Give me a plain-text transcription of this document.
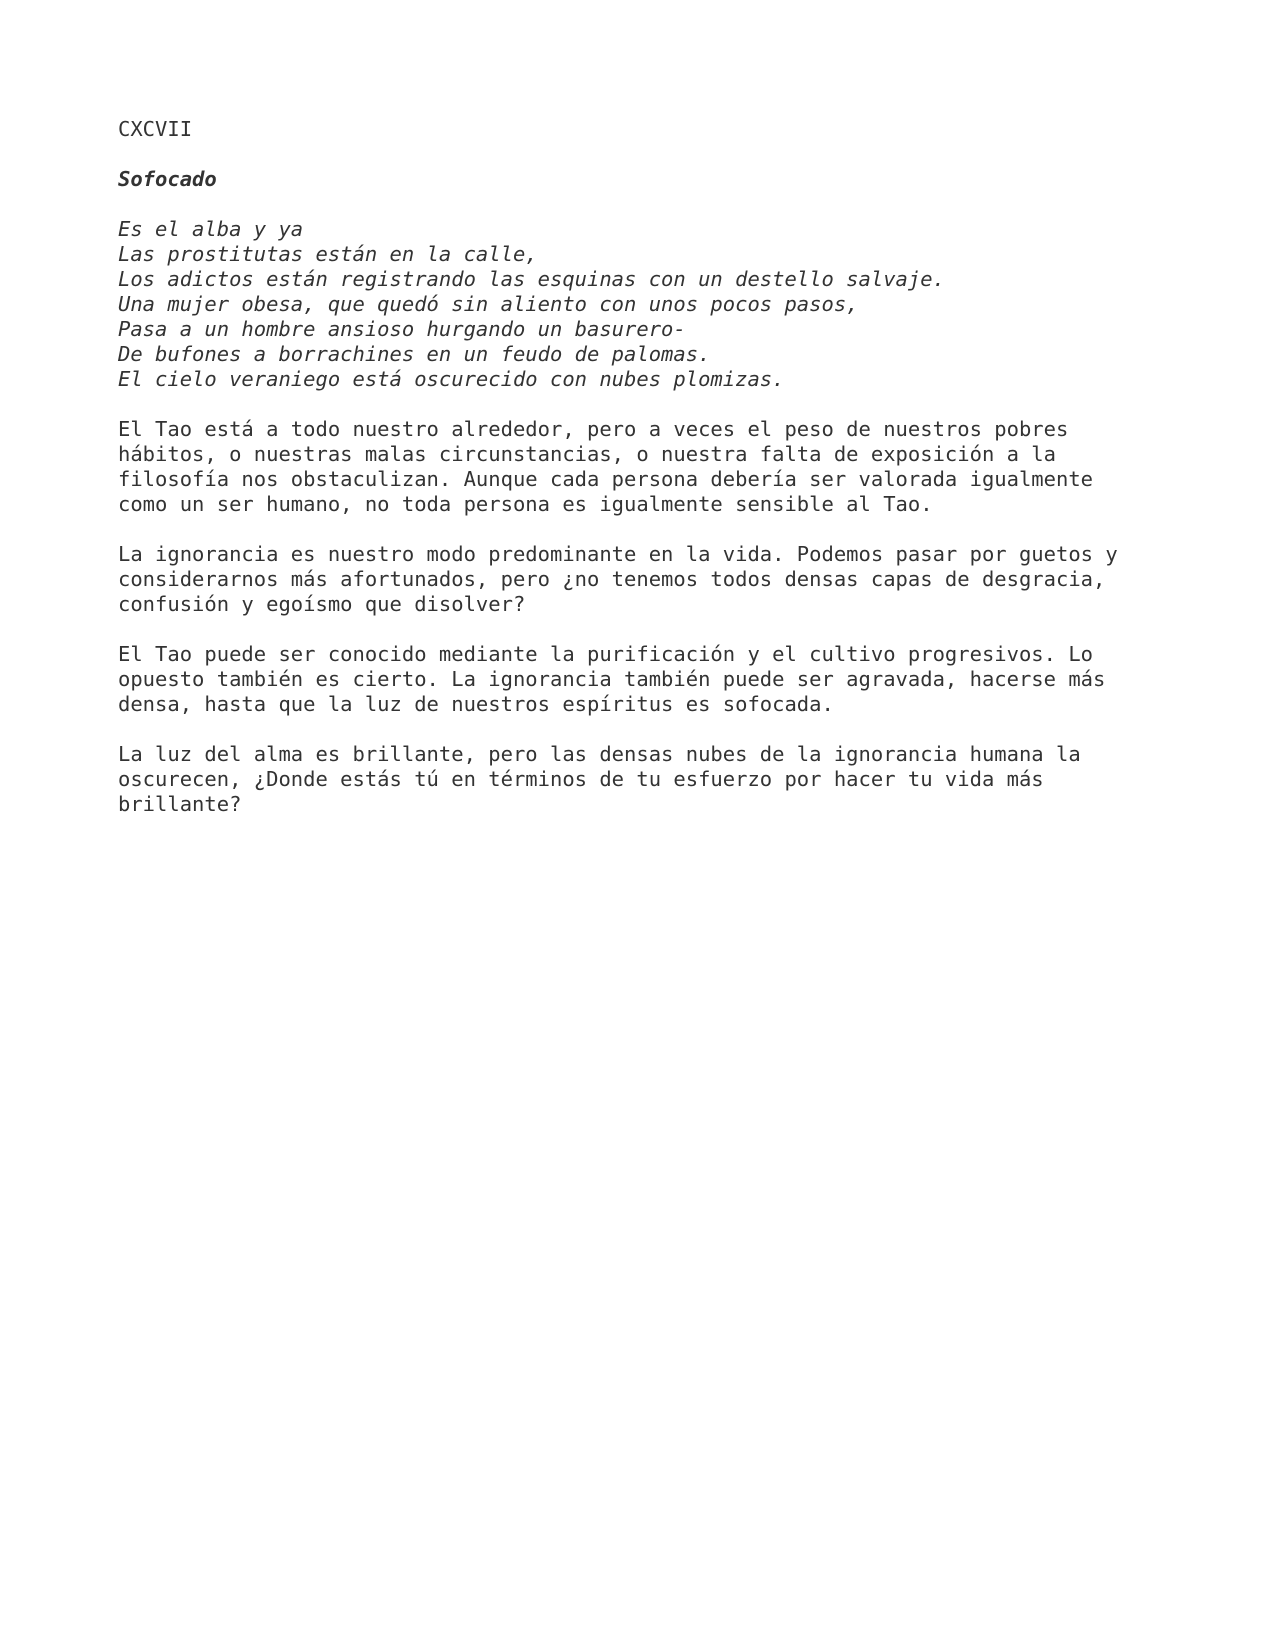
CXCVII
Sofocado
Es el alba y ya
Las prostitutas están en la calle,
Los adictos están registrando las esquinas con un destello salvaje.
Una mujer obesa, que quedó sin aliento con unos pocos pasos,
Pasa a un hombre ansioso hurgando un basurero-
De bufones a borrachines en un feudo de palomas.
El cielo veraniego está oscurecido con nubes plomizas.
El Tao está a todo nuestro alrededor, pero a veces el peso de nuestros pobres
hábitos, o nuestras malas circunstancias, o nuestra falta de exposición a la
filosofía nos obstaculizan. Aunque cada persona debería ser valorada igualmente
como un ser humano, no toda persona es igualmente sensible al Tao.
La ignorancia es nuestro modo predominante en la vida. Podemos pasar por guetos y
considerarnos más afortunados, pero ¿no tenemos todos densas capas de desgracia,
confusión y egoísmo que disolver?
El Tao puede ser conocido mediante la purificación y el cultivo progresivos. Lo
opuesto también es cierto. La ignorancia también puede ser agravada, hacerse más
densa, hasta que la luz de nuestros espíritus es sofocada.
La luz del alma es brillante, pero las densas nubes de la ignorancia humana la
oscurecen, ¿Donde estás tú en términos de tu esfuerzo por hacer tu vida más
brillante?
